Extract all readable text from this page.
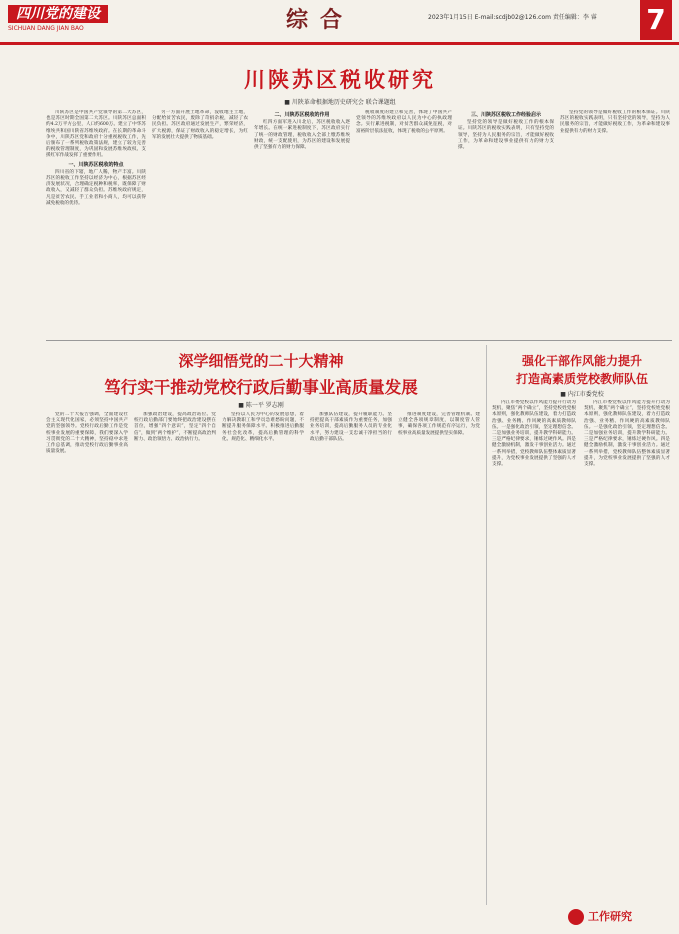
四川党的建设
SICHUAN DANG JIAN BAO	综合	2023年1月15日 E-mail:scdjb02@126.com 责任编辑：李 睿	7
川陕苏区税收研究
■ 川陕革命根据地历史研究会 联合课题组

川陕苏区是中国共产党领导的第二大苏区，也是苏区时期全国第二大苏区。川陕苏区总面积约4.2万平方公里，人口约600万。建立了中华苏维埃共和国川陕省苏维埃政府。在长期的革命斗争中，川陕苏区党和政府十分重视税收工作，先后颁布了一系列税收政策法规，建立了较为完善的税收管理制度，为巩固和发展苏维埃政权、支援红军作战发挥了重要作用。

一、川陕苏区税收的特点

四川省的下辖，地广人稀，物产丰富。川陕苏区的税收工作坚持以经济为中心，根据苏区经济发展状况，合理确定税种和税率，既保障了财政收入，又减轻了群众负担。苏维埃政府规定，凡是贫苦农民、手工业者和小商人，均可以获得减免税收的优待。

另一方面开展土地革命，没收地主土地，分配给贫苦农民，废除了苛捐杂税，减轻了农民负担。苏区政府通过发展生产，繁荣经济，扩大税源，保证了财政收入的稳定增长，为红军的发展壮大提供了物质基础。

二、川陕苏区税收的作用

红四方面军进入川北后，苏区税收收入逐年增长。在统一累进税制度下，苏区政府实行了统一的财政管理，税收收入全部上缴苏维埃财政，统一支配使用，为苏区的建设和发展提供了坚强有力的财力保障。

税收制度的建立和完善，体现了中国共产党领导的苏维埃政府以人民为中心的执政理念。实行累进税制，对贫苦群众减免征税，对富裕阶层依法征收，体现了税收的公平原则。

三、川陕苏区税收工作经验启示

坚持党的领导是做好税收工作的根本保证。川陕苏区的税收实践表明，只有坚持党的领导，坚持为人民服务的宗旨，才能做好税收工作，为革命和建设事业提供有力的财力支撑。

坚持党的领导是做好税收工作的根本保证。川陕苏区的税收实践表明，只有坚持党的领导，坚持为人民服务的宗旨，才能做好税收工作，为革命和建设事业提供有力的财力支撑。

深学细悟党的二十大精神
笃行实干推动党校行政后勤事业高质量发展
■ 陈一平 罗志刚

党的二十大报告强调，全面建设社会主义现代化国家，必须坚持中国共产党的坚强领导。党校行政后勤工作是党校事业发展的重要保障，我们要深入学习贯彻党的二十大精神，坚持稳中求进工作总基调，推动党校行政后勤事业高质量发展。

加强政治建设，提高政治站位。党校行政后勤部门要始终把政治建设摆在首位，增强“四个意识”，坚定“四个自信”，做到“两个维护”，不断提高政治判断力、政治领悟力、政治执行力。

坚持以人民为中心的发展思想，着力解决教职工和学员急难愁盼问题，不断提升服务保障水平。积极推进后勤服务社会化改革，提高后勤管理的科学化、规范化、精细化水平。

加强队伍建设，提升履职能力。坚持把提高干部素质作为重要任务，加强业务培训，提高后勤服务人员的专业化水平，努力建设一支忠诚干净担当的行政后勤干部队伍。

推进制度建设，完善管理机制。建立健全各项规章制度，以制度管人管事，确保各项工作规范有序运行，为党校事业高质量发展提供坚实保障。

强化干部作风能力提升
打造高素质党校教师队伍
■ 内江市委党校

内江市委党校以作风能力提升行动为契机，聚焦“两个确立”，坚持党校姓党根本原则，强化教师队伍建设，着力打造政治强、业务精、作风硬的高素质教师队伍。一是强化政治引领，坚定理想信念。二是加强业务培训，提升教学科研能力。三是严格纪律要求，锤炼过硬作风。四是健全激励机制，激发干事创业活力。通过一系列举措，党校教师队伍整体素质显著提升，为党校事业发展提供了坚强的人才支撑。

内江市委党校以作风能力提升行动为契机，聚焦“两个确立”，坚持党校姓党根本原则，强化教师队伍建设，着力打造政治强、业务精、作风硬的高素质教师队伍。一是强化政治引领，坚定理想信念。二是加强业务培训，提升教学科研能力。三是严格纪律要求，锤炼过硬作风。四是健全激励机制，激发干事创业活力。通过一系列举措，党校教师队伍整体素质显著提升，为党校事业发展提供了坚强的人才支撑。

工作研究
